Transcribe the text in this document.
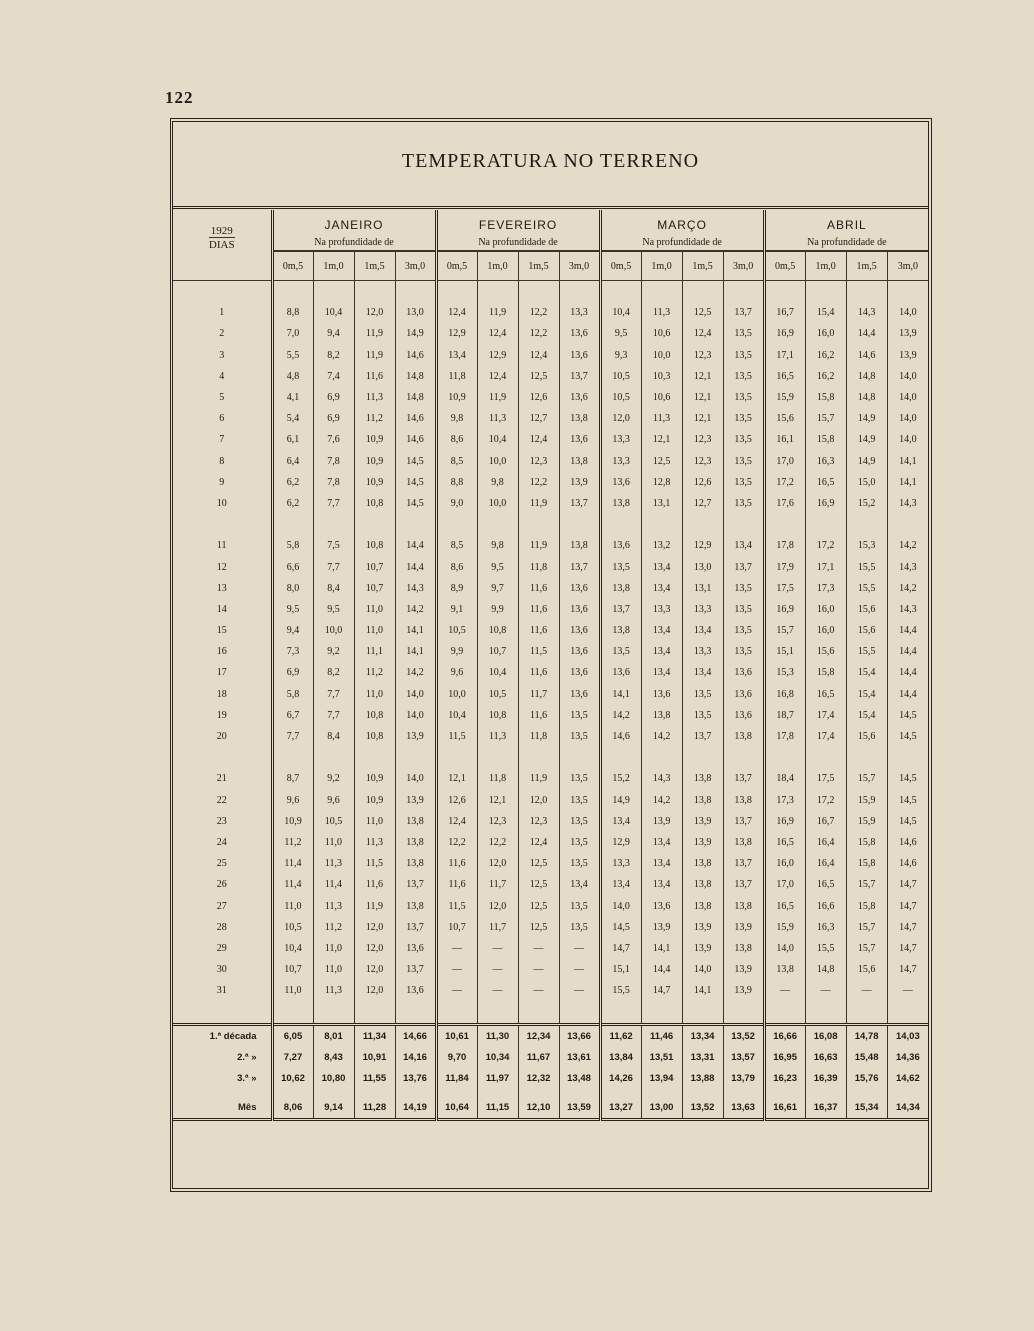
122
TEMPERATURA NO TERRENO
1929
DIAS	JANEIRO				FEVEREIRO				MARÇO				ABRIL			
	Na profundidade de				Na profundidade de				Na profundidade de				Na profundidade de			
	0m,5	1m,0	1m,5	3m,0	0m,5	1m,0	1m,5	3m,0	0m,5	1m,0	1m,5	3m,0	0m,5	1m,0	1m,5	3m,0

1	8,8	10,4	12,0	13,0	12,4	11,9	12,2	13,3	10,4	11,3	12,5	13,7	16,7	15,4	14,3	14,0
2	7,0	9,4	11,9	14,9	12,9	12,4	12,2	13,6	9,5	10,6	12,4	13,5	16,9	16,0	14,4	13,9
3	5,5	8,2	11,9	14,6	13,4	12,9	12,4	13,6	9,3	10,0	12,3	13,5	17,1	16,2	14,6	13,9
4	4,8	7,4	11,6	14,8	11,8	12,4	12,5	13,7	10,5	10,3	12,1	13,5	16,5	16,2	14,8	14,0
5	4,1	6,9	11,3	14,8	10,9	11,9	12,6	13,6	10,5	10,6	12,1	13,5	15,9	15,8	14,8	14,0
6	5,4	6,9	11,2	14,6	9,8	11,3	12,7	13,8	12,0	11,3	12,1	13,5	15,6	15,7	14,9	14,0
7	6,1	7,6	10,9	14,6	8,6	10,4	12,4	13,6	13,3	12,1	12,3	13,5	16,1	15,8	14,9	14,0
8	6,4	7,8	10,9	14,5	8,5	10,0	12,3	13,8	13,3	12,5	12,3	13,5	17,0	16,3	14,9	14,1
9	6,2	7,8	10,9	14,5	8,8	9,8	12,2	13,9	13,6	12,8	12,6	13,5	17,2	16,5	15,0	14,1
10	6,2	7,7	10,8	14,5	9,0	10,0	11,9	13,7	13,8	13,1	12,7	13,5	17,6	16,9	15,2	14,3

11	5,8	7,5	10,8	14,4	8,5	9,8	11,9	13,8	13,6	13,2	12,9	13,4	17,8	17,2	15,3	14,2
12	6,6	7,7	10,7	14,4	8,6	9,5	11,8	13,7	13,5	13,4	13,0	13,7	17,9	17,1	15,5	14,3
13	8,0	8,4	10,7	14,3	8,9	9,7	11,6	13,6	13,8	13,4	13,1	13,5	17,5	17,3	15,5	14,2
14	9,5	9,5	11,0	14,2	9,1	9,9	11,6	13,6	13,7	13,3	13,3	13,5	16,9	16,0	15,6	14,3
15	9,4	10,0	11,0	14,1	10,5	10,8	11,6	13,6	13,8	13,4	13,4	13,5	15,7	16,0	15,6	14,4
16	7,3	9,2	11,1	14,1	9,9	10,7	11,5	13,6	13,5	13,4	13,3	13,5	15,1	15,6	15,5	14,4
17	6,9	8,2	11,2	14,2	9,6	10,4	11,6	13,6	13,6	13,4	13,4	13,6	15,3	15,8	15,4	14,4
18	5,8	7,7	11,0	14,0	10,0	10,5	11,7	13,6	14,1	13,6	13,5	13,6	16,8	16,5	15,4	14,4
19	6,7	7,7	10,8	14,0	10,4	10,8	11,6	13,5	14,2	13,8	13,5	13,6	18,7	17,4	15,4	14,5
20	7,7	8,4	10,8	13,9	11,5	11,3	11,8	13,5	14,6	14,2	13,7	13,8	17,8	17,4	15,6	14,5

21	8,7	9,2	10,9	14,0	12,1	11,8	11,9	13,5	15,2	14,3	13,8	13,7	18,4	17,5	15,7	14,5
22	9,6	9,6	10,9	13,9	12,6	12,1	12,0	13,5	14,9	14,2	13,8	13,8	17,3	17,2	15,9	14,5
23	10,9	10,5	11,0	13,8	12,4	12,3	12,3	13,5	13,4	13,9	13,9	13,7	16,9	16,7	15,9	14,5
24	11,2	11,0	11,3	13,8	12,2	12,2	12,4	13,5	12,9	13,4	13,9	13,8	16,5	16,4	15,8	14,6
25	11,4	11,3	11,5	13,8	11,6	12,0	12,5	13,5	13,3	13,4	13,8	13,7	16,0	16,4	15,8	14,6
26	11,4	11,4	11,6	13,7	11,6	11,7	12,5	13,4	13,4	13,4	13,8	13,7	17,0	16,5	15,7	14,7
27	11,0	11,3	11,9	13,8	11,5	12,0	12,5	13,5	14,0	13,6	13,8	13,8	16,5	16,6	15,8	14,7
28	10,5	11,2	12,0	13,7	10,7	11,7	12,5	13,5	14,5	13,9	13,9	13,9	15,9	16,3	15,7	14,7
29	10,4	11,0	12,0	13,6	—	—	—	—	14,7	14,1	13,9	13,8	14,0	15,5	15,7	14,7
30	10,7	11,0	12,0	13,7	—	—	—	—	15,1	14,4	14,0	13,9	13,8	14,8	15,6	14,7
31	11,0	11,3	12,0	13,6	—	—	—	—	15,5	14,7	14,1	13,9	—	—	—	—

1.ª década	6,05	8,01	11,34	14,66	10,61	11,30	12,34	13,66	11,62	11,46	13,34	13,52	16,66	16,08	14,78	14,03
2.ª »	7,27	8,43	10,91	14,16	9,70	10,34	11,67	13,61	13,84	13,51	13,31	13,57	16,95	16,63	15,48	14,36
3.ª »	10,62	10,80	11,55	13,76	11,84	11,97	12,32	13,48	14,26	13,94	13,88	13,79	16,23	16,39	15,76	14,62

Mês	8,06	9,14	11,28	14,19	10,64	11,15	12,10	13,59	13,27	13,00	13,52	13,63	16,61	16,37	15,34	14,34
